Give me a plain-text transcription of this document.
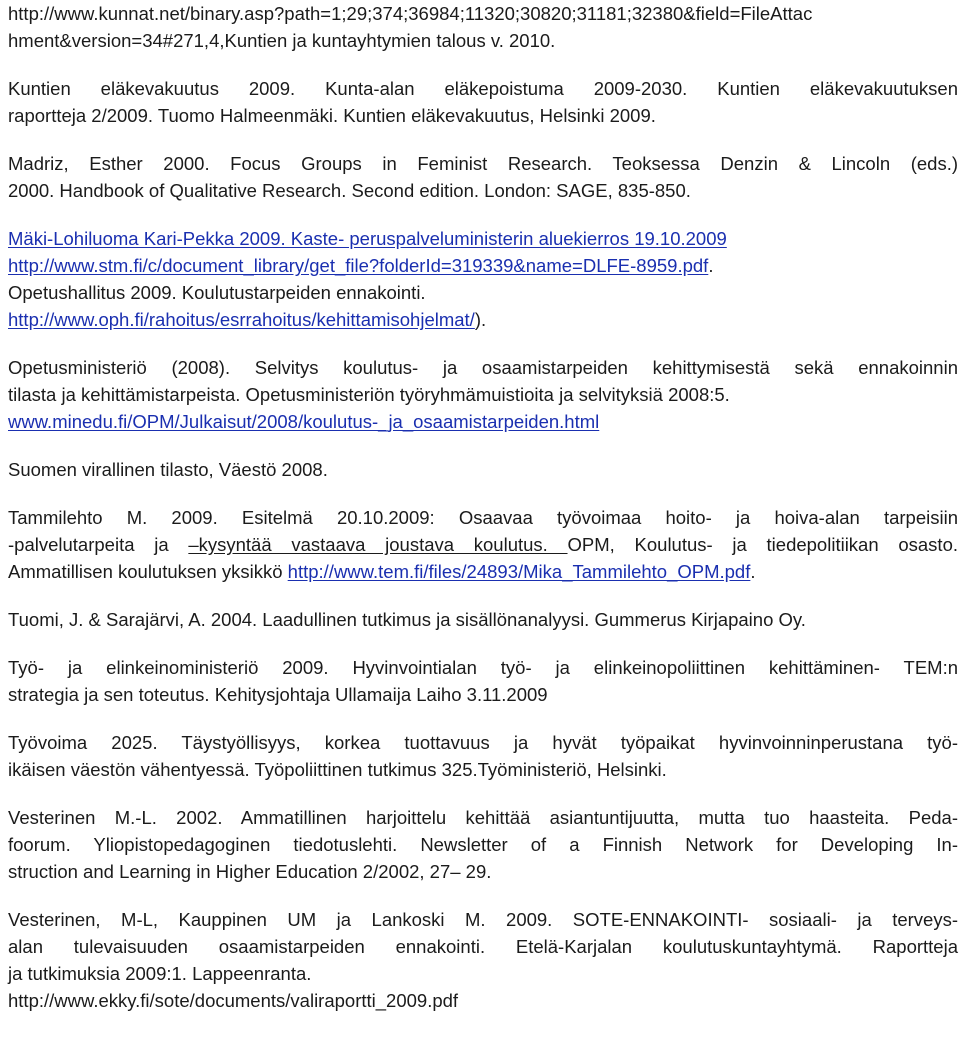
http://www.kunnat.net/binary.asp?path=1;29;374;36984;11320;30820;31181;32380&field=FileAttac
hment&version=34#271,4,Kuntien ja kuntayhtymien talous v. 2010.
Kuntien eläkevakuutus 2009. Kunta-alan eläkepoistuma 2009-2030. Kuntien eläkevakuutuksen
raportteja 2/2009. Tuomo Halmeenmäki. Kuntien eläkevakuutus, Helsinki 2009.
Madriz, Esther 2000. Focus Groups in Feminist Research. Teoksessa Denzin & Lincoln (eds.)
2000. Handbook of Qualitative Research. Second edition. London: SAGE, 835-850.
Mäki-Lohiluoma Kari-Pekka 2009. Kaste- peruspalveluministerin aluekierros 19.10.2009
http://www.stm.fi/c/document_library/get_file?folderId=319339&name=DLFE-8959.pdf.
Opetushallitus 2009. Koulutustarpeiden ennakointi.
http://www.oph.fi/rahoitus/esrrahoitus/kehittamisohjelmat/).
Opetusministeriö (2008). Selvitys koulutus- ja osaamistarpeiden kehittymisestä sekä ennakoinnin
tilasta ja kehittämistarpeista. Opetusministeriön työryhmämuistioita ja selvityksiä 2008:5.
www.minedu.fi/OPM/Julkaisut/2008/koulutus-_ja_osaamistarpeiden.html
Suomen virallinen tilasto, Väestö 2008.
Tammilehto M. 2009. Esitelmä 20.10.2009: Osaavaa työvoimaa hoito- ja hoiva-alan tarpeisiin
-palvelutarpeita ja –kysyntää vastaava joustava koulutus. OPM, Koulutus- ja tiedepolitiikan osasto.
Ammatillisen koulutuksen yksikkö http://www.tem.fi/files/24893/Mika_Tammilehto_OPM.pdf.
Tuomi, J. & Sarajärvi, A. 2004. Laadullinen tutkimus ja sisällönanalyysi. Gummerus Kirjapaino Oy.
Työ- ja elinkeinoministeriö 2009. Hyvinvointialan työ- ja elinkeinopoliittinen kehittäminen- TEM:n
strategia ja sen toteutus. Kehitysjohtaja Ullamaija Laiho 3.11.2009
Työvoima 2025. Täystyöllisyys, korkea tuottavuus ja hyvät työpaikat hyvinvoinninperustana työ-
ikäisen väestön vähentyessä. Työpoliittinen tutkimus 325.Työministeriö, Helsinki.
Vesterinen M.-L. 2002. Ammatillinen harjoittelu kehittää asiantuntijuutta, mutta tuo haasteita. Peda-
foorum. Yliopistopedagoginen tiedotuslehti. Newsletter of a Finnish Network for Developing In-
struction and Learning in Higher Education 2/2002, 27– 29.
Vesterinen, M-L, Kauppinen UM ja Lankoski M. 2009. SOTE-ENNAKOINTI- sosiaali- ja terveys-
alan tulevaisuuden osaamistarpeiden ennakointi. Etelä-Karjalan koulutuskuntayhtymä. Raportteja
ja tutkimuksia 2009:1. Lappeenranta.
http://www.ekky.fi/sote/documents/valiraportti_2009.pdf
